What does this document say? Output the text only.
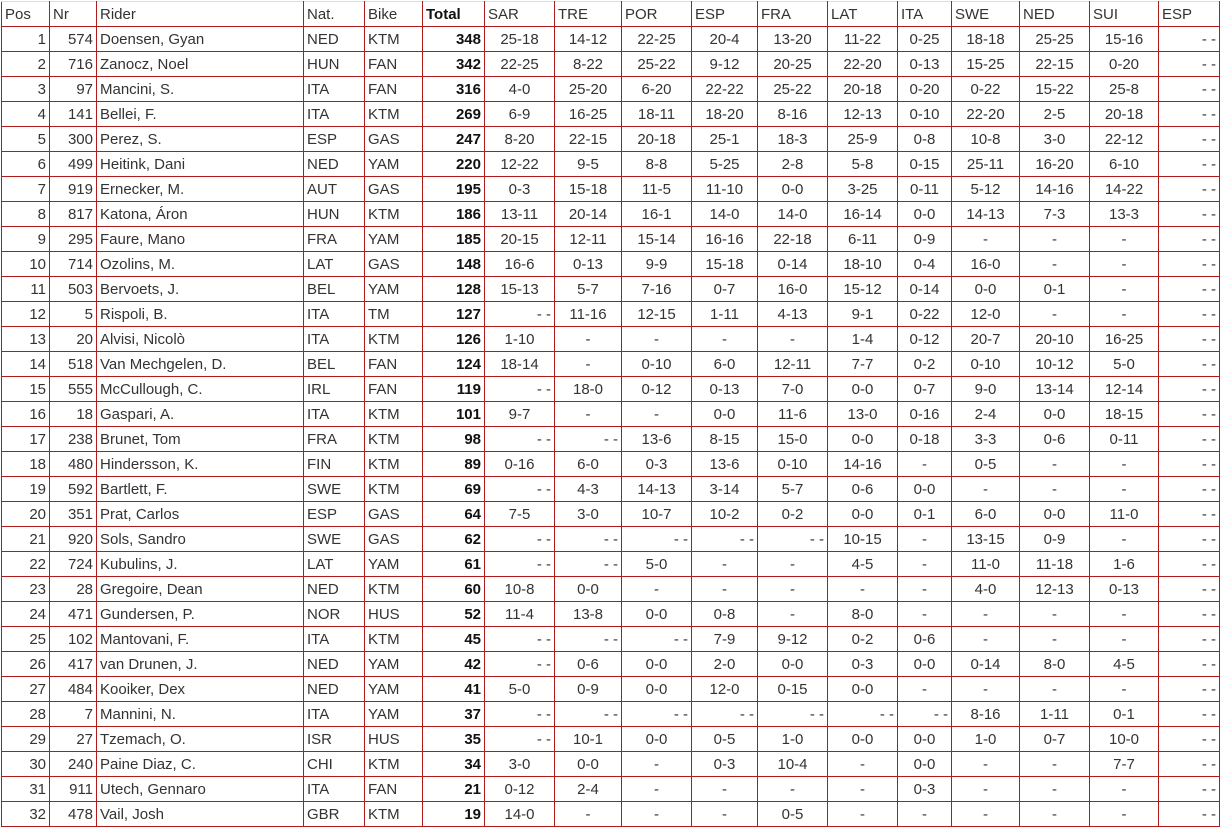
Pos	Nr	Rider	Nat.	Bike	Total	SAR	TRE	POR	ESP	FRA	LAT	ITA	SWE	NED	SUI	ESP
1	574	Doensen, Gyan	NED	KTM	348	25-18	14-12	22-25	20-4	13-20	11-22	0-25	18-18	25-25	15-16	- -
2	716	Zanocz, Noel	HUN	FAN	342	22-25	8-22	25-22	9-12	20-25	22-20	0-13	15-25	22-15	0-20	- -
3	97	Mancini, S.	ITA	FAN	316	4-0	25-20	6-20	22-22	25-22	20-18	0-20	0-22	15-22	25-8	- -
4	141	Bellei, F.	ITA	KTM	269	6-9	16-25	18-11	18-20	8-16	12-13	0-10	22-20	2-5	20-18	- -
5	300	Perez, S.	ESP	GAS	247	8-20	22-15	20-18	25-1	18-3	25-9	0-8	10-8	3-0	22-12	- -
6	499	Heitink, Dani	NED	YAM	220	12-22	9-5	8-8	5-25	2-8	5-8	0-15	25-11	16-20	6-10	- -
7	919	Ernecker, M.	AUT	GAS	195	0-3	15-18	11-5	11-10	0-0	3-25	0-11	5-12	14-16	14-22	- -
8	817	Katona, Áron	HUN	KTM	186	13-11	20-14	16-1	14-0	14-0	16-14	0-0	14-13	7-3	13-3	- -
9	295	Faure, Mano	FRA	YAM	185	20-15	12-11	15-14	16-16	22-18	6-11	0-9	-	-	-	- -
10	714	Ozolins, M.	LAT	GAS	148	16-6	0-13	9-9	15-18	0-14	18-10	0-4	16-0	-	-	- -
11	503	Bervoets, J.	BEL	YAM	128	15-13	5-7	7-16	0-7	16-0	15-12	0-14	0-0	0-1	-	- -
12	5	Rispoli, B.	ITA	TM	127	- -	11-16	12-15	1-11	4-13	9-1	0-22	12-0	-	-	- -
13	20	Alvisi, Nicolò	ITA	KTM	126	1-10	-	-	-	-	1-4	0-12	20-7	20-10	16-25	- -
14	518	Van Mechgelen, D.	BEL	FAN	124	18-14	-	0-10	6-0	12-11	7-7	0-2	0-10	10-12	5-0	- -
15	555	McCullough, C.	IRL	FAN	119	- -	18-0	0-12	0-13	7-0	0-0	0-7	9-0	13-14	12-14	- -
16	18	Gaspari, A.	ITA	KTM	101	9-7	-	-	0-0	11-6	13-0	0-16	2-4	0-0	18-15	- -
17	238	Brunet, Tom	FRA	KTM	98	- -	- -	13-6	8-15	15-0	0-0	0-18	3-3	0-6	0-11	- -
18	480	Hindersson, K.	FIN	KTM	89	0-16	6-0	0-3	13-6	0-10	14-16	-	0-5	-	-	- -
19	592	Bartlett, F.	SWE	KTM	69	- -	4-3	14-13	3-14	5-7	0-6	0-0	-	-	-	- -
20	351	Prat, Carlos	ESP	GAS	64	7-5	3-0	10-7	10-2	0-2	0-0	0-1	6-0	0-0	11-0	- -
21	920	Sols, Sandro	SWE	GAS	62	- -	- -	- -	- -	- -	10-15	-	13-15	0-9	-	- -
22	724	Kubulins, J.	LAT	YAM	61	- -	- -	5-0	-	-	4-5	-	11-0	11-18	1-6	- -
23	28	Gregoire, Dean	NED	KTM	60	10-8	0-0	-	-	-	-	-	4-0	12-13	0-13	- -
24	471	Gundersen, P.	NOR	HUS	52	11-4	13-8	0-0	0-8	-	8-0	-	-	-	-	- -
25	102	Mantovani, F.	ITA	KTM	45	- -	- -	- -	7-9	9-12	0-2	0-6	-	-	-	- -
26	417	van Drunen, J.	NED	YAM	42	- -	0-6	0-0	2-0	0-0	0-3	0-0	0-14	8-0	4-5	- -
27	484	Kooiker, Dex	NED	YAM	41	5-0	0-9	0-0	12-0	0-15	0-0	-	-	-	-	- -
28	7	Mannini, N.	ITA	YAM	37	- -	- -	- -	- -	- -	- -	- -	8-16	1-11	0-1	- -
29	27	Tzemach, O.	ISR	HUS	35	- -	10-1	0-0	0-5	1-0	0-0	0-0	1-0	0-7	10-0	- -
30	240	Paine Diaz, C.	CHI	KTM	34	3-0	0-0	-	0-3	10-4	-	0-0	-	-	7-7	- -
31	911	Utech, Gennaro	ITA	FAN	21	0-12	2-4	-	-	-	-	0-3	-	-	-	- -
32	478	Vail, Josh	GBR	KTM	19	14-0	-	-	-	0-5	-	-	-	-	-	- -
